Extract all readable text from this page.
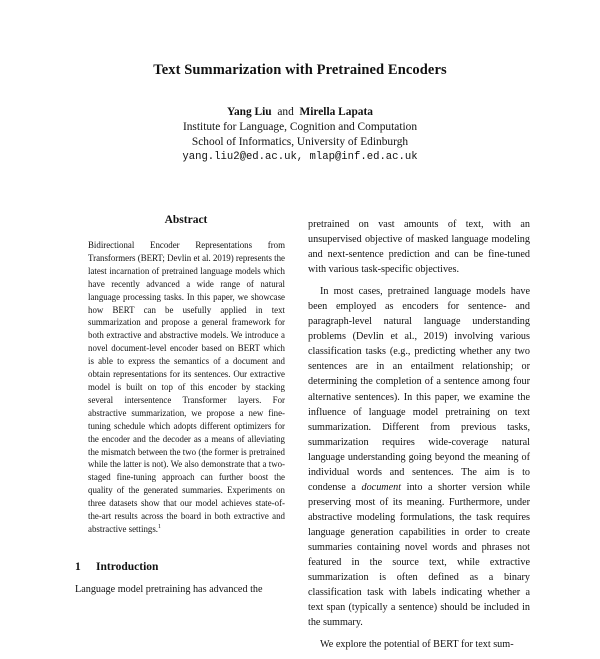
Text Summarization with Pretrained Encoders
Yang Liu and Mirella Lapata
Institute for Language, Cognition and Computation
School of Informatics, University of Edinburgh
yang.liu2@ed.ac.uk, mlap@inf.ed.ac.uk
Abstract

Bidirectional Encoder Representations from Transformers (BERT; Devlin et al. 2019) represents the latest incarnation of pretrained language models which have recently advanced a wide range of natural language processing tasks. In this paper, we showcase how BERT can be usefully applied in text summarization and propose a general framework for both extractive and abstractive models. We introduce a novel document-level encoder based on BERT which is able to express the semantics of a document and obtain representations for its sentences. Our extractive model is built on top of this encoder by stacking several intersentence Transformer layers. For abstractive summarization, we propose a new fine-tuning schedule which adopts different optimizers for the encoder and the decoder as a means of alleviating the mismatch between the two (the former is pretrained while the latter is not). We also demonstrate that a two-staged fine-tuning approach can further boost the quality of the generated summaries. Experiments on three datasets show that our model achieves state-of-the-art results across the board in both extractive and abstractive settings.$^1$

1 Introduction

Language model pretraining has advanced the

pretrained on vast amounts of text, with an unsupervised objective of masked language modeling and next-sentence prediction and can be fine-tuned with various task-specific objectives.

In most cases, pretrained language models have been employed as encoders for sentence- and paragraph-level natural language understanding problems (Devlin et al., 2019) involving various classification tasks (e.g., predicting whether any two sentences are in an entailment relationship; or determining the completion of a sentence among four alternative sentences). In this paper, we examine the influence of language model pretraining on text summarization. Different from previous tasks, summarization requires wide-coverage natural language understanding going beyond the meaning of individual words and sentences. The aim is to condense a document into a shorter version while preserving most of its meaning. Furthermore, under abstractive modeling formulations, the task requires language generation capabilities in order to create summaries containing novel words and phrases not featured in the source text, while extractive summarization is often defined as a binary classification task with labels indicating whether a text span (typically a sentence) should be included in the summary.

We explore the potential of BERT for text sum-
